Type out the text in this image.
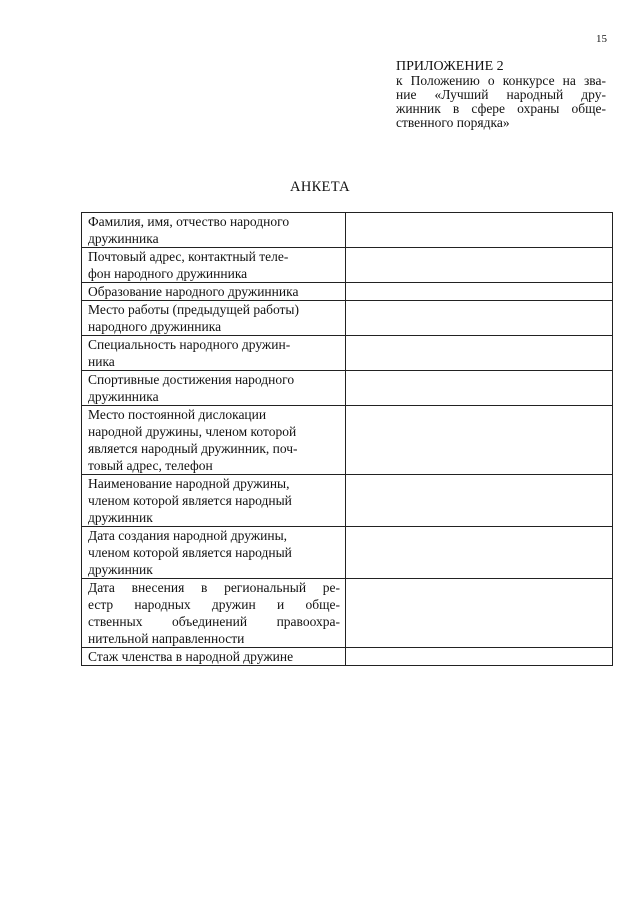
15
ПРИЛОЖЕНИЕ 2
к Положению о конкурсе на зва-
ние «Лучший народный дру-
жинник в сфере охраны обще-
ственного порядка»
АНКЕТА
Фамилия, имя, отчество народного
дружинника	

Почтовый адрес, контактный теле-
фон народного дружинника	

Образование народного дружинника	

Место работы (предыдущей работы)
народного дружинника	

Специальность народного дружин-
ника	

Спортивные достижения народного
дружинника	

Место постоянной дислокации
народной дружины, членом которой
является народный дружинник, поч-
товый адрес, телефон	

Наименование народной дружины,
членом которой является народный
дружинник	

Дата создания народной дружины,
членом которой является народный
дружинник	

Дата внесения в региональный ре-
естр народных дружин и обще-
ственных объединений правоохра-
нительной направленности	

Стаж членства в народной дружине	
